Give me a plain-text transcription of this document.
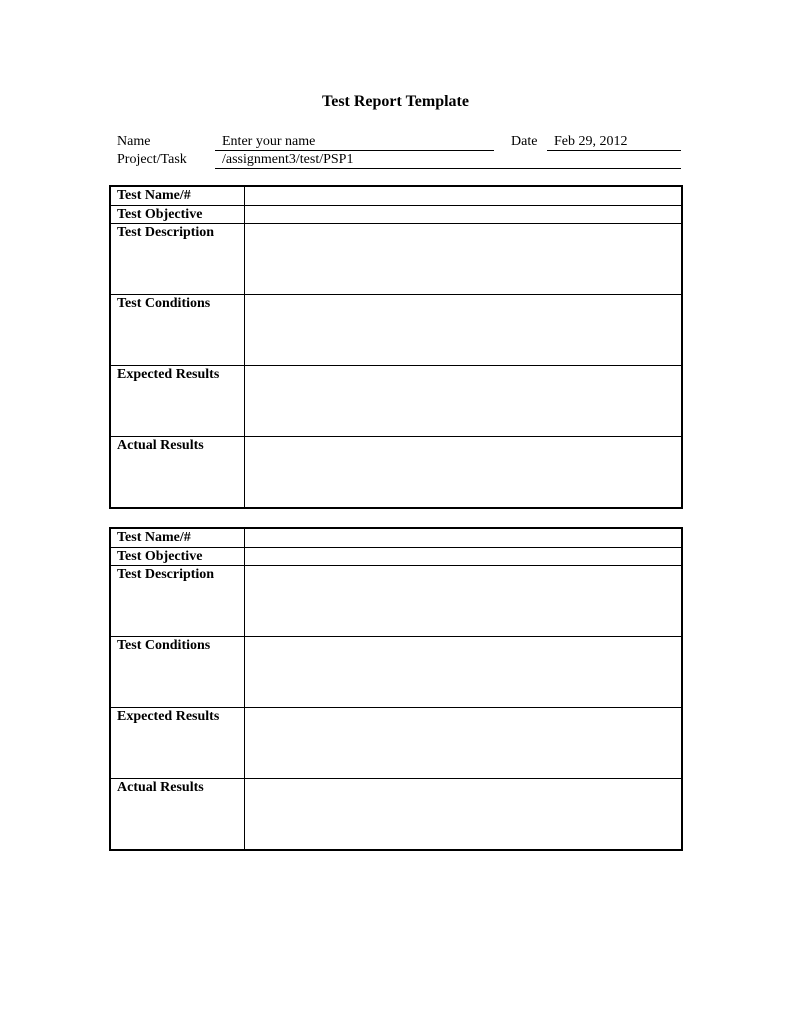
Test Report Template
Name	Enter your name	Date	Feb 29, 2012
Project/Task	/assignment3/test/PSP1
Test Name/#
Test Objective
Test Description
Test Conditions
Expected Results
Actual Results
Test Name/#
Test Objective
Test Description
Test Conditions
Expected Results
Actual Results
